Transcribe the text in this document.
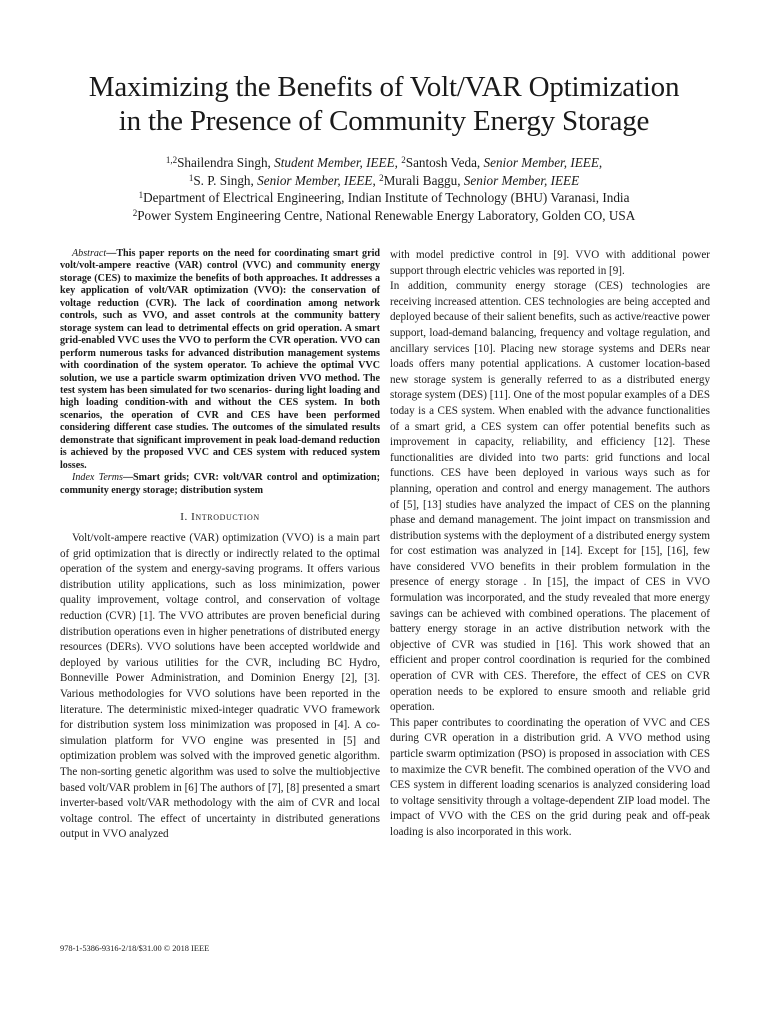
Maximizing the Benefits of Volt/VAR Optimization
in the Presence of Community Energy Storage
$^{1,2}$Shailendra Singh, Student Member, IEEE, $^2$Santosh Veda, Senior Member, IEEE,
$^1$S. P. Singh, Senior Member, IEEE, $^2$Murali Baggu, Senior Member, IEEE
$^1$Department of Electrical Engineering, Indian Institute of Technology (BHU) Varanasi, India
$^2$Power System Engineering Centre, National Renewable Energy Laboratory, Golden CO, USA

Abstract—This paper reports on the need for coordinating smart grid volt/volt-ampere reactive (VAR) control (VVC) and community energy storage (CES) to maximize the benefits of both approaches. It addresses a key application of volt/VAR optimization (VVO): the conservation of voltage reduction (CVR). The lack of coordination among network controls, such as VVO, and asset controls at the community battery storage system can lead to detrimental effects on grid operation. A smart grid-enabled VVC uses the VVO to perform the CVR operation. VVO can perform numerous tasks for advanced distribution management systems with coordination of the system operator. To achieve the optimal VVC solution, we use a particle swarm optimization driven VVO method. The test system has been simulated for two scenarios- during light loading and high loading condition-with and without the CES system. In both scenarios, the operation of CVR and CES have been performed considering different case studies. The outcomes of the simulated results demonstrate that significant improvement in peak load-demand reduction is achieved by the proposed VVC and CES system with reduced system losses.

Index Terms—Smart grids; CVR: volt/VAR control and optimization; community energy storage; distribution system

I. Introduction

Volt/volt-ampere reactive (VAR) optimization (VVO) is a main part of grid optimization that is directly or indirectly related to the optimal operation of the system and energy-saving programs. It offers various distribution utility applications, such as loss minimization, power quality improvement, voltage control, and conservation of voltage reduction (CVR) [1]. The VVO attributes are proven beneficial during distribution operations even in higher penetrations of distributed energy resources (DERs). VVO solutions have been accepted worldwide and deployed by various utilities for the CVR, including BC Hydro, Bonneville Power Administration, and Dominion Energy [2], [3]. Various methodologies for VVO solutions have been reported in the literature. The deterministic mixed-integer quadratic VVO framework for distribution system loss minimization was proposed in [4]. A co-simulation platform for VVO engine was presented in [5] and optimization problem was solved with the improved genetic algorithm. The non-sorting genetic algorithm was used to solve the multiobjective based volt/VAR problem in [6] The authors of [7], [8] presented a smart inverter-based volt/VAR methodology with the aim of CVR and local voltage control. The effect of uncertainty in distributed generations output in VVO analyzed

with model predictive control in [9]. VVO with additional power support through electric vehicles was reported in [9].

In addition, community energy storage (CES) technologies are receiving increased attention. CES technologies are being accepted and deployed because of their salient benefits, such as active/reactive power support, load-demand balancing, frequency and voltage regulation, and ancillary services [10]. Placing new storage systems and DERs near loads offers many potential applications. A customer location-based new storage system is generally referred to as a distributed energy storage system (DES) [11]. One of the most popular examples of a DES today is a CES system. When enabled with the advance functionalities of a smart grid, a CES system can offer potential benefits such as improvement in capacity, reliability, and efficiency [12]. These functionalities are divided into two parts: grid functions and local functions. CES have been deployed in various ways such as for planning, operation and control and energy management. The authors of [5], [13] studies have analyzed the impact of CES on the planning phase and demand management. The joint impact on transmission and distribution systems with the deployment of a distributed energy system for cost estimation was analyzed in [14]. Except for [15], [16], few have considered VVO benefits in their problem formulation in the presence of energy storage . In [15], the impact of CES in VVO formulation was incorporated, and the study revealed that more energy savings can be achieved with combined operations. The placement of battery energy storage in an active distribution network with the objective of CVR was studied in [16]. This work showed that an efficient and proper control coordination is requried for the combined operation of CVR with CES. Therefore, the effect of CES on CVR operation needs to be explored to ensure smooth and reliable grid operation.

This paper contributes to coordinating the operation of VVC and CES during CVR operation in a distribution grid. A VVO method using particle swarm optimization (PSO) is proposed in association with CES to maximize the CVR benefit. The combined operation of the VVO and CES system in different loading scenarios is analyzed considering load to voltage sensitivity through a voltage-dependent ZIP load model. The impact of VVO with the CES on the grid during peak and off-peak loading is also incorporated in this work.

978-1-5386-9316-2/18/$31.00 © 2018 IEEE
